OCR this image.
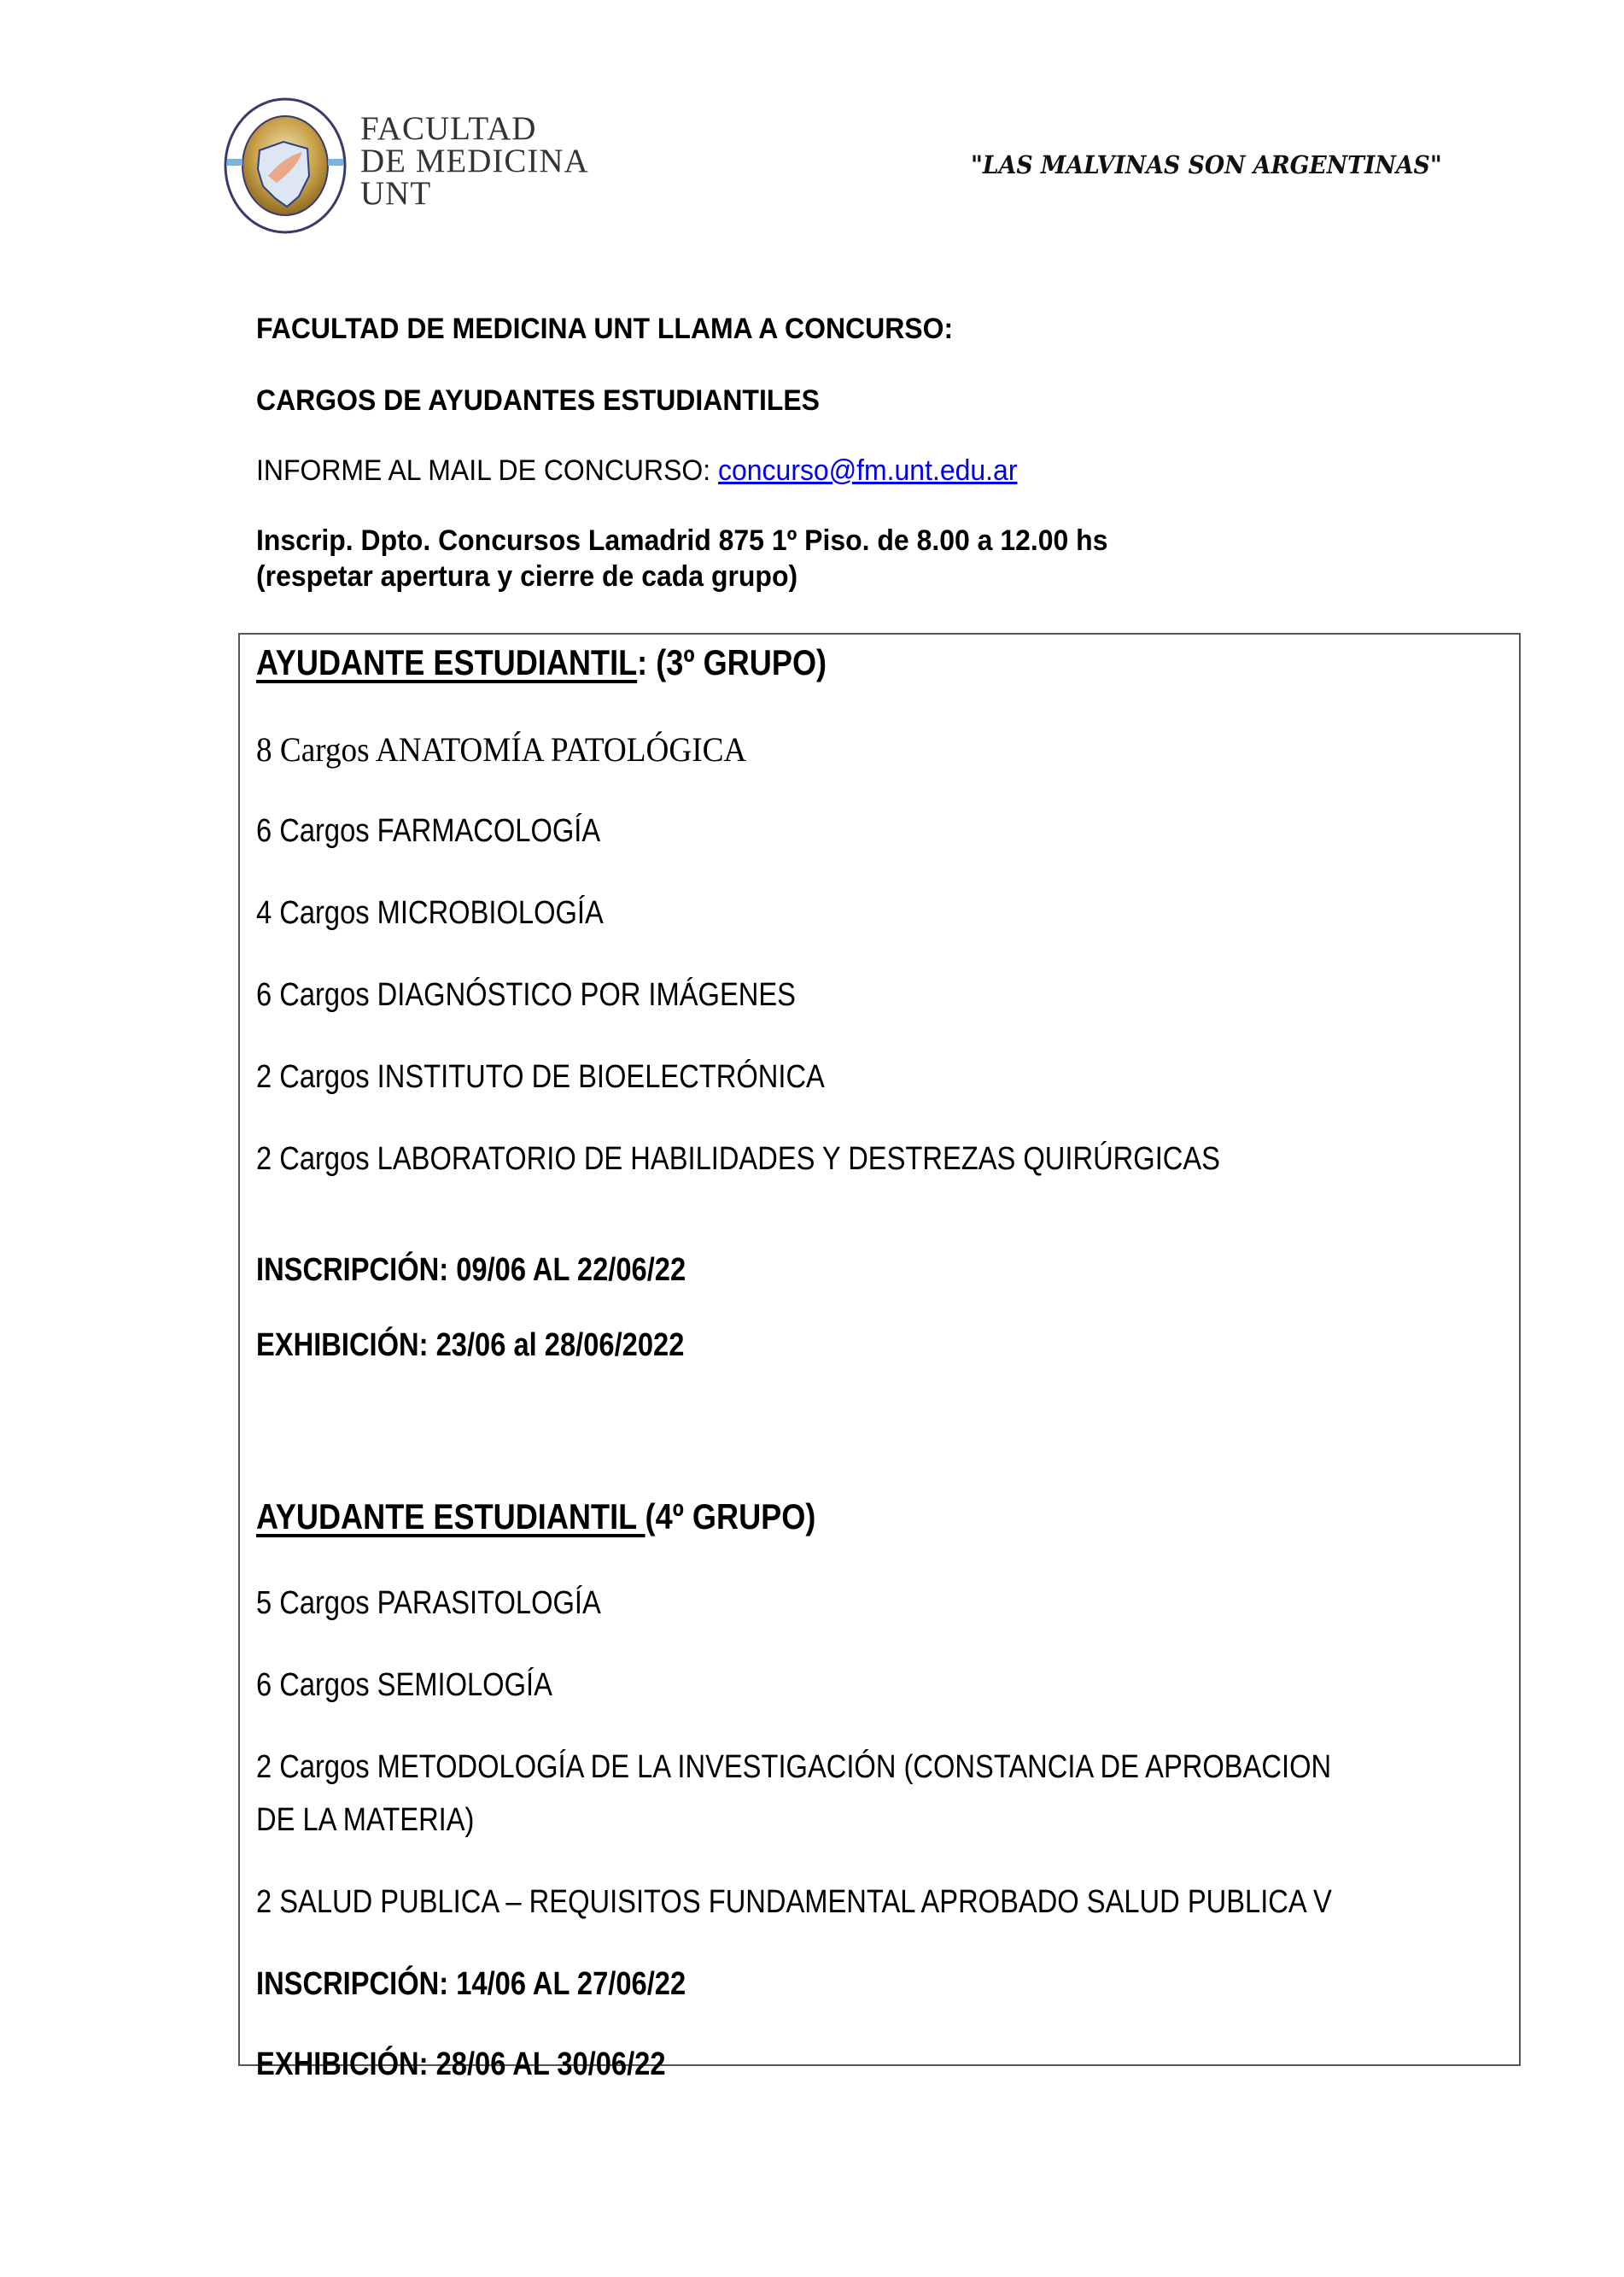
FACULTAD
DE MEDICINA
UNT
"LAS MALVINAS SON ARGENTINAS"
FACULTAD DE MEDICINA UNT LLAMA A CONCURSO:
CARGOS DE AYUDANTES ESTUDIANTILES
INFORME AL MAIL DE CONCURSO: concurso@fm.unt.edu.ar
Inscrip. Dpto. Concursos Lamadrid 875 1º Piso. de 8.00 a 12.00 hs
(respetar apertura y cierre de cada grupo)
AYUDANTE ESTUDIANTIL: (3º GRUPO)
8 Cargos ANATOMÍA PATOLÓGICA
6 Cargos FARMACOLOGÍA
4 Cargos MICROBIOLOGÍA
6 Cargos DIAGNÓSTICO POR IMÁGENES
2 Cargos INSTITUTO DE BIOELECTRÓNICA
2 Cargos LABORATORIO DE HABILIDADES Y DESTREZAS QUIRÚRGICAS
INSCRIPCIÓN: 09/06 AL 22/06/22
EXHIBICIÓN: 23/06 al 28/06/2022
AYUDANTE ESTUDIANTIL (4º GRUPO)
5 Cargos PARASITOLOGÍA
6 Cargos SEMIOLOGÍA
2 Cargos METODOLOGÍA DE LA INVESTIGACIÓN (CONSTANCIA DE APROBACION
DE LA MATERIA)
2 SALUD PUBLICA – REQUISITOS FUNDAMENTAL APROBADO SALUD PUBLICA V
INSCRIPCIÓN: 14/06 AL 27/06/22
EXHIBICIÓN: 28/06 AL 30/06/22
